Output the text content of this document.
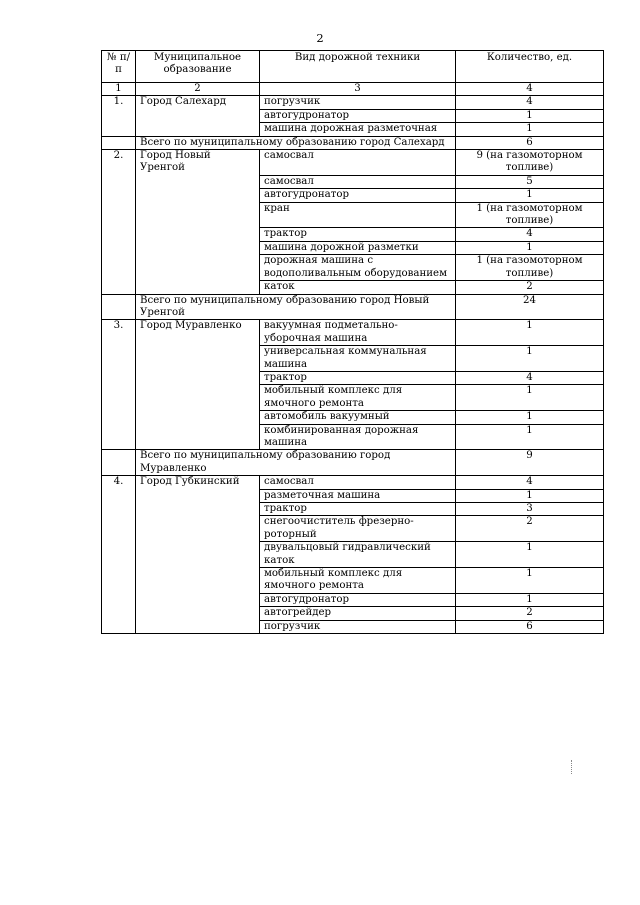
2
№ п/п	Муниципальное образование	Вид дорожной техники	Количество, ед.
1	2	3	4
1.	Город Салехард	погрузчик	4
		автогудронатор	1
		машина дорожная разметочная	1
	Всего по муниципальному образованию город Салехард		6
2.	Город Новый Уренгой	самосвал	9 (на газомоторном топливе)
		самосвал	5
		автогудронатор	1
		кран	1 (на газомоторном топливе)
		трактор	4
		машина дорожной разметки	1
		дорожная машина с водополивальным оборудованием	1 (на газомоторном топливе)
		каток	2
	Всего по муниципальному образованию город Новый Уренгой		24
3.	Город Муравленко	вакуумная подметально-уборочная машина	1
		универсальная коммунальная машина	1
		трактор	4
		мобильный комплекс для ямочного ремонта	1
		автомобиль вакуумный	1
		комбинированная дорожная машина	1
	Всего по муниципальному образованию город Муравленко		9
4.	Город Губкинский	самосвал	4
		разметочная машина	1
		трактор	3
		снегоочиститель фрезерно-роторный	2
		двувальцовый гидравлический каток	1
		мобильный комплекс для ямочного ремонта	1
		автогудронатор	1
		автогрейдер	2
		погрузчик	6
